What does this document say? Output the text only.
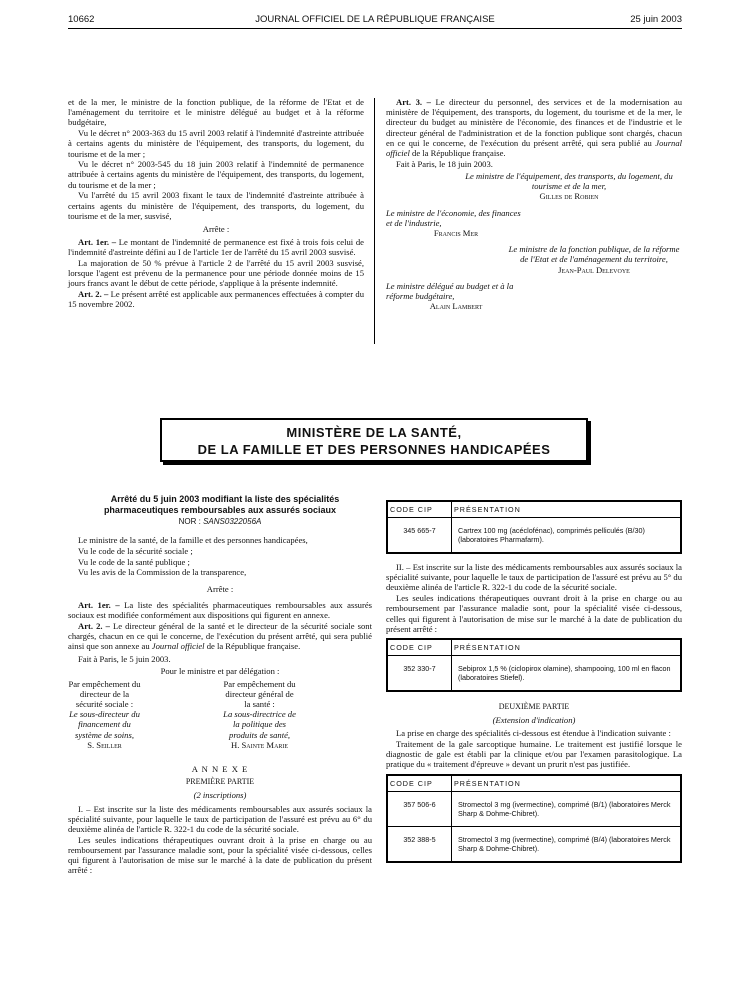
10662	JOURNAL OFFICIEL DE LA RÉPUBLIQUE FRANÇAISE	25 juin 2003

et de la mer, le ministre de la fonction publique, de la réforme de l'Etat et de l'aménagement du territoire et le ministre délégué au budget et à la réforme budgétaire,

Vu le décret n° 2003-363 du 15 avril 2003 relatif à l'indemnité d'astreinte attribuée à certains agents du ministère de l'équipement, des transports, du logement, du tourisme et de la mer ;

Vu le décret n° 2003-545 du 18 juin 2003 relatif à l'indemnité de permanence attribuée à certains agents du ministère de l'équipement, des transports, du logement, du tourisme et de la mer ;

Vu l'arrêté du 15 avril 2003 fixant le taux de l'indemnité d'astreinte attribuée à certains agents du ministère de l'équipement, des transports, du logement, du tourisme et de la mer, susvisé,

Arrête :

Art. 1er. – Le montant de l'indemnité de permanence est fixé à trois fois celui de l'indemnité d'astreinte défini au I de l'article 1er de l'arrêté du 15 avril 2003 susvisé.

La majoration de 50 % prévue à l'article 2 de l'arrêté du 15 avril 2003 susvisé, lorsque l'agent est prévenu de la permanence pour une période donnée moins de 15 jours francs avant le début de cette période, s'applique à la présente indemnité.

Art. 2. – Le présent arrêté est applicable aux permanences effectuées à compter du 15 novembre 2002.

Art. 3. – Le directeur du personnel, des services et de la modernisation au ministère de l'équipement, des transports, du logement, du tourisme et de la mer, le directeur du budget au ministère de l'économie, des finances et de l'industrie et le directeur général de l'administration et de la fonction publique sont chargés, chacun en ce qui le concerne, de l'exécution du présent arrêté, qui sera publié au Journal officiel de la République française.

Fait à Paris, le 18 juin 2003.

Le ministre de l'équipement, des transports, du logement, du tourisme et de la mer,
Gilles de Robien
Le ministre de l'économie, des finances et de l'industrie,
Francis Mer
Le ministre de la fonction publique, de la réforme de l'Etat et de l'aménagement du territoire,
Jean-Paul Delevoye
Le ministre délégué au budget et à la réforme budgétaire,
Alain Lambert
MINISTÈRE DE LA SANTÉ,
DE LA FAMILLE ET DES PERSONNES HANDICAPÉES

Arrêté du 5 juin 2003 modifiant la liste des spécialités pharmaceutiques remboursables aux assurés sociaux

NOR : SANS0322056A

Le ministre de la santé, de la famille et des personnes handicapées,

Vu le code de la sécurité sociale ;

Vu le code de la santé publique ;

Vu les avis de la Commission de la transparence,

Arrête :

Art. 1er. – La liste des spécialités pharmaceutiques remboursables aux assurés sociaux est modifiée conformément aux dispositions qui figurent en annexe.

Art. 2. – Le directeur général de la santé et le directeur de la sécurité sociale sont chargés, chacun en ce qui le concerne, de l'exécution du présent arrêté, qui sera publié ainsi que son annexe au Journal officiel de la République française.

Fait à Paris, le 5 juin 2003.

Pour le ministre et par délégation :

Par empêchement du directeur de la sécurité sociale :
Le sous-directeur du financement du système de soins,
S. Seiller
Par empêchement du directeur général de la santé :
La sous-directrice de la politique des produits de santé,
H. Sainte Marie

A N N E X E

PREMIÈRE PARTIE

(2 inscriptions)

I. – Est inscrite sur la liste des médicaments remboursables aux assurés sociaux la spécialité suivante, pour laquelle le taux de participation de l'assuré est prévu au 6° du deuxième alinéa de l'article R. 322-1 du code de la sécurité sociale.

Les seules indications thérapeutiques ouvrant droit à la prise en charge ou au remboursement par l'assurance maladie sont, pour la spécialité visée ci-dessous, celles qui figurent à l'autorisation de mise sur le marché à la date de publication du présent arrêté :

CODE CIP	PRÉSENTATION
345 665-7	Cartrex 100 mg (acéclofénac), comprimés pelliculés (B/30) (laboratoires Pharmafarm).

II. – Est inscrite sur la liste des médicaments remboursables aux assurés sociaux la spécialité suivante, pour laquelle le taux de participation de l'assuré est prévu au 5° du deuxième alinéa de l'article R. 322-1 du code de la sécurité sociale.

Les seules indications thérapeutiques ouvrant droit à la prise en charge ou au remboursement par l'assurance maladie sont, pour la spécialité visée ci-dessous, celles qui figurent à l'autorisation de mise sur le marché à la date de publication du présent arrêté :

CODE CIP	PRÉSENTATION
352 330-7	Sebiprox 1,5 % (ciclopirox olamine), shampooing, 100 ml en flacon (laboratoires Stiefel).

DEUXIÈME PARTIE

(Extension d'indication)

La prise en charge des spécialités ci-dessous est étendue à l'indication suivante :

Traitement de la gale sarcoptique humaine. Le traitement est justifié lorsque le diagnostic de gale est établi par la clinique et/ou par l'examen parasitologique. La pratique du « traitement d'épreuve » devant un prurit n'est pas justifiée.

CODE CIP	PRÉSENTATION
357 506-6	Stromectol 3 mg (ivermectine), comprimé (B/1) (laboratoires Merck Sharp & Dohme-Chibret).
352 388-5	Stromectol 3 mg (ivermectine), comprimé (B/4) (laboratoires Merck Sharp & Dohme-Chibret).
